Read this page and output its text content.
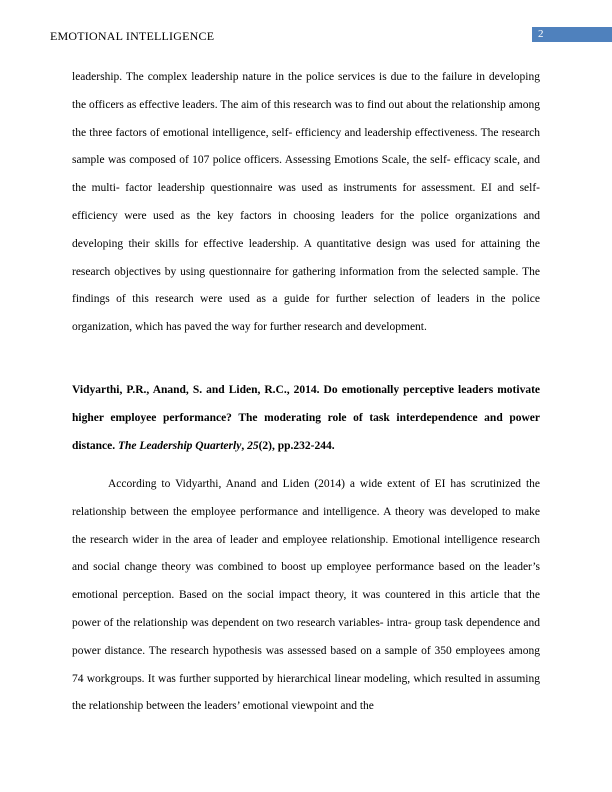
EMOTIONAL INTELLIGENCE	2

leadership. The complex leadership nature in the police services is due to the failure in developing the officers as effective leaders. The aim of this research was to find out about the relationship among the three factors of emotional intelligence, self- efficiency and leadership effectiveness. The research sample was composed of 107 police officers. Assessing Emotions Scale, the self- efficacy scale, and the multi- factor leadership questionnaire was used as instruments for assessment. EI and self- efficiency were used as the key factors in choosing leaders for the police organizations and developing their skills for effective leadership. A quantitative design was used for attaining the research objectives by using questionnaire for gathering information from the selected sample. The findings of this research were used as a guide for further selection of leaders in the police organization, which has paved the way for further research and development.

Vidyarthi, P.R., Anand, S. and Liden, R.C., 2014. Do emotionally perceptive leaders motivate higher employee performance? The moderating role of task interdependence and power distance. The Leadership Quarterly, 25(2), pp.232-244.

According to Vidyarthi, Anand and Liden (2014) a wide extent of EI has scrutinized the relationship between the employee performance and intelligence. A theory was developed to make the research wider in the area of leader and employee relationship. Emotional intelligence research and social change theory was combined to boost up employee performance based on the leader’s emotional perception. Based on the social impact theory, it was countered in this article that the power of the relationship was dependent on two research variables- intra- group task dependence and power distance. The research hypothesis was assessed based on a sample of 350 employees among 74 workgroups. It was further supported by hierarchical linear modeling, which resulted in assuming the relationship between the leaders’ emotional viewpoint and the
